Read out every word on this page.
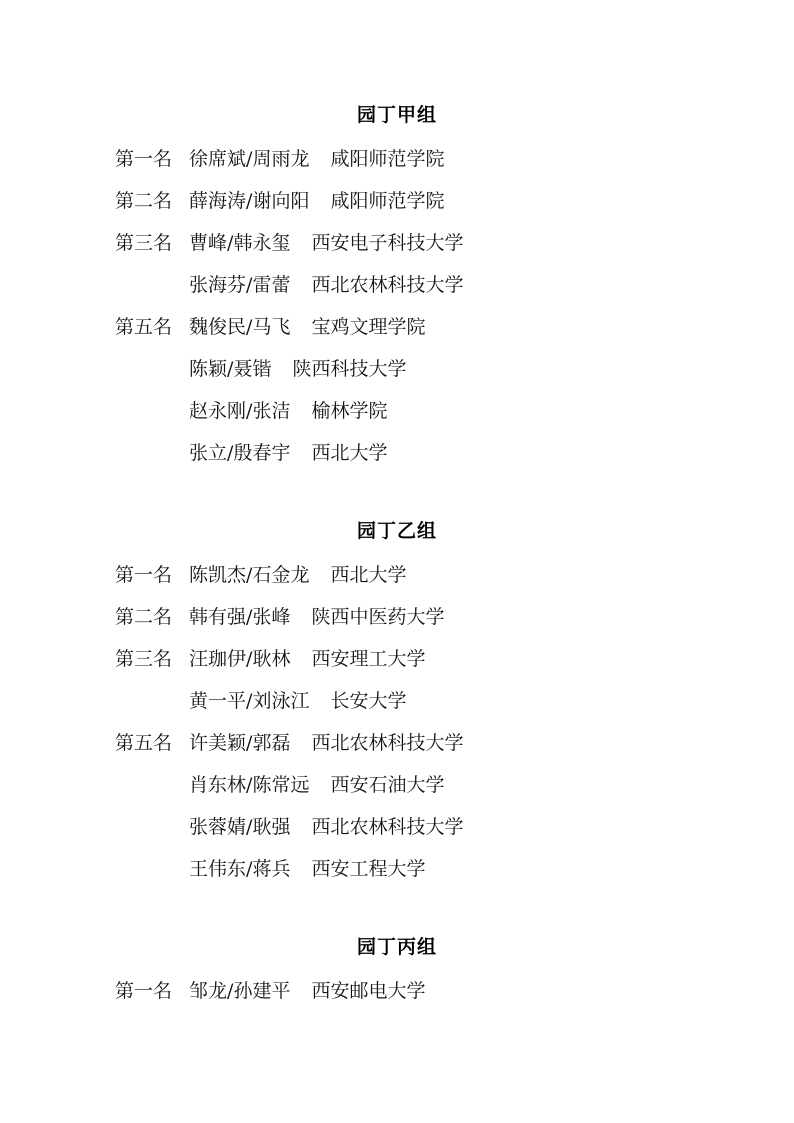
园丁甲组

第一名 徐席斌/周雨龙 咸阳师范学院

第二名 薛海涛/谢向阳 咸阳师范学院

第三名 曹峰/韩永玺 西安电子科技大学

张海芬/雷蕾 西北农林科技大学

第五名 魏俊民/马飞 宝鸡文理学院

陈颖/聂锴 陕西科技大学

赵永刚/张洁 榆林学院

张立/殷春宇 西北大学

园丁乙组

第一名 陈凯杰/石金龙 西北大学

第二名 韩有强/张峰 陕西中医药大学

第三名 汪珈伊/耿林 西安理工大学

黄一平/刘泳江 长安大学

第五名 许美颖/郭磊 西北农林科技大学

肖东林/陈常远 西安石油大学

张蓉婧/耿强 西北农林科技大学

王伟东/蒋兵 西安工程大学

园丁丙组

第一名 邹龙/孙建平 西安邮电大学
